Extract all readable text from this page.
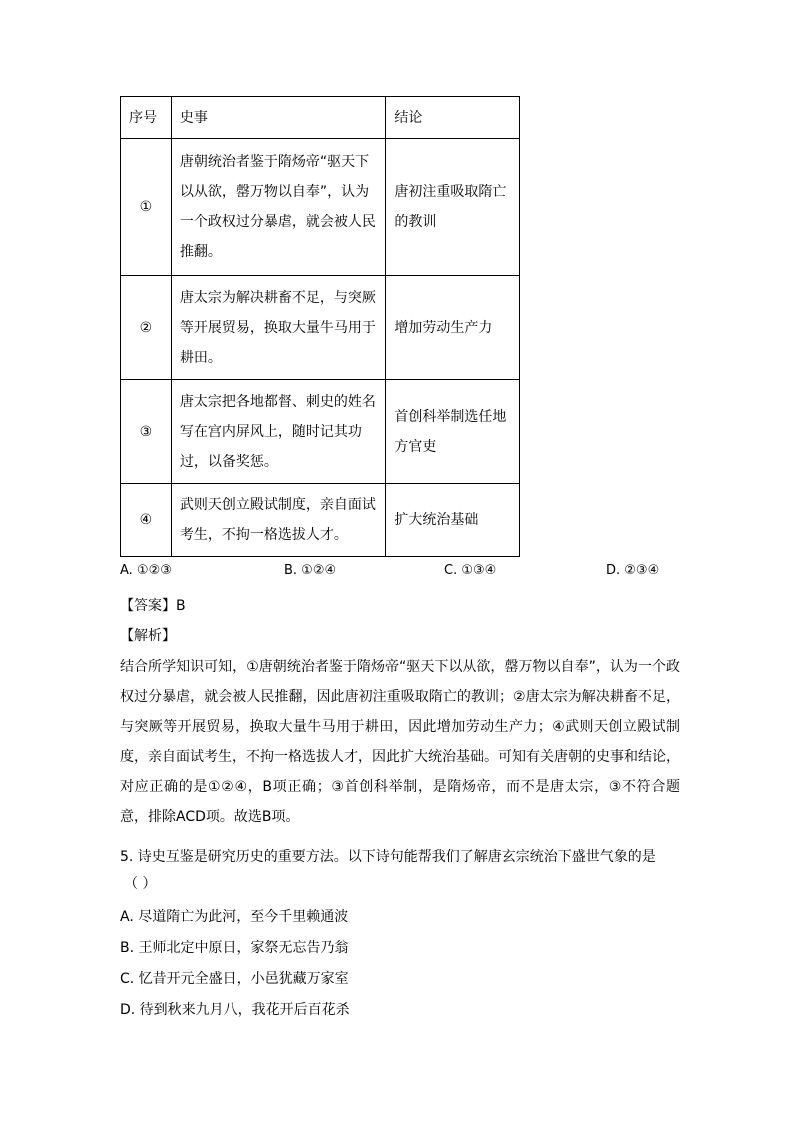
序号	史事	结论
①	唐朝统治者鉴于隋炀帝“驱天下以从欲，罄万物以自奉”，认为一个政权过分暴虐，就会被人民推翻。	唐初注重吸取隋亡的教训
②	唐太宗为解决耕畜不足，与突厥等开展贸易，换取大量牛马用于耕田。	增加劳动生产力
③	唐太宗把各地都督、刺史的姓名写在宫内屏风上，随时记其功过，以备奖惩。	首创科举制选任地方官吏
④	武则天创立殿试制度，亲自面试考生，不拘一格选拔人才。	扩大统治基础
A. ①②③	B. ①②④	C. ①③④	D. ②③④
【答案】B
【解析】
结合所学知识可知，①唐朝统治者鉴于隋炀帝“驱天下以从欲，罄万物以自奉”，认为一个政权过分暴虐，就会被人民推翻，因此唐初注重吸取隋亡的教训；②唐太宗为解决耕畜不足，与突厥等开展贸易，换取大量牛马用于耕田，因此增加劳动生产力；④武则天创立殿试制度，亲自面试考生，不拘一格选拔人才，因此扩大统治基础。可知有关唐朝的史事和结论，对应正确的是①②④，B项正确；③首创科举制，是隋炀帝，而不是唐太宗，③不符合题意，排除ACD项。故选B项。
5. 诗史互鉴是研究历史的重要方法。以下诗句能帮我们了解唐玄宗统治下盛世气象的是
（ ）
A. 尽道隋亡为此河，至今千里赖通波
B. 王师北定中原日，家祭无忘告乃翁
C. 忆昔开元全盛日，小邑犹藏万家室
D. 待到秋来九月八，我花开后百花杀
